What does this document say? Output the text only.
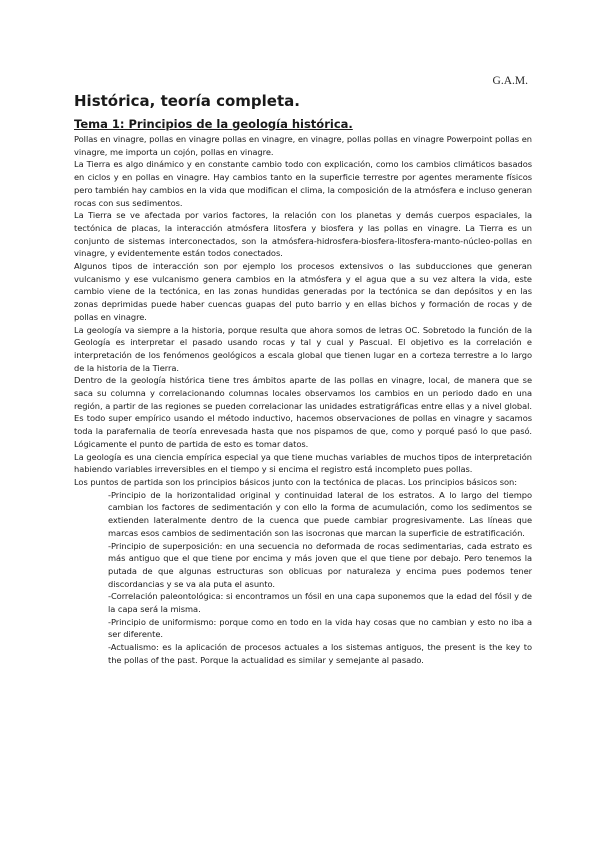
G.A.M.
Histórica, teoría completa.
Tema 1: Principios de la geología histórica.

Pollas en vinagre, pollas en vinagre pollas en vinagre, en vinagre, pollas pollas en vinagre Powerpoint pollas en vinagre, me importa un cojón, pollas en vinagre.

La Tierra es algo dinámico y en constante cambio todo con explicación, como los cambios climáticos basados en ciclos y en pollas en vinagre. Hay cambios tanto en la superficie terrestre por agentes meramente físicos pero también hay cambios en la vida que modifican el clima, la composición de la atmósfera e incluso generan rocas con sus sedimentos.

La Tierra se ve afectada por varios factores, la relación con los planetas y demás cuerpos espaciales, la tectónica de placas, la interacción atmósfera litosfera y biosfera y las pollas en vinagre. La Tierra es un conjunto de sistemas interconectados, son la atmósfera-hidrosfera-biosfera-litosfera-manto-núcleo-pollas en vinagre, y evidentemente están todos conectados.

Algunos tipos de interacción son por ejemplo los procesos extensivos o las subducciones que generan vulcanismo y ese vulcanismo genera cambios en la atmósfera y el agua que a su vez altera la vida, este cambio viene de la tectónica, en las zonas hundidas generadas por la tectónica se dan depósitos y en las zonas deprimidas puede haber cuencas guapas del puto barrio y en ellas bichos y formación de rocas y de pollas en vinagre.

La geología va siempre a la historia, porque resulta que ahora somos de letras OC. Sobretodo la función de la Geología es interpretar el pasado usando rocas y tal y cual y Pascual. El objetivo es la correlación e interpretación de los fenómenos geológicos a escala global que tienen lugar en a corteza terrestre a lo largo de la historia de la Tierra.

Dentro de la geología histórica tiene tres ámbitos aparte de las pollas en vinagre, local, de manera que se saca su columna y correlacionando columnas locales observamos los cambios en un periodo dado en una región, a partir de las regiones se pueden correlacionar las unidades estratigráficas entre ellas y a nivel global. Es todo super empírico usando el método inductivo, hacemos observaciones de pollas en vinagre y sacamos toda la parafernalia de teoría enrevesada hasta que nos pispamos de que, como y porqué pasó lo que pasó. Lógicamente el punto de partida de esto es tomar datos.

La geología es una ciencia empírica especial ya que tiene muchas variables de muchos tipos de interpretación habiendo variables irreversibles en el tiempo y si encima el registro está incompleto pues pollas.

Los puntos de partida son los principios básicos junto con la tectónica de placas. Los principios básicos son:

-Principio de la horizontalidad original y continuidad lateral de los estratos. A lo largo del tiempo cambian los factores de sedimentación y con ello la forma de acumulación, como los sedimentos se extienden lateralmente dentro de la cuenca que puede cambiar progresivamente. Las líneas que marcas esos cambios de sedimentación son las isocronas que marcan la superficie de estratificación.
-Principio de superposición: en una secuencia no deformada de rocas sedimentarias, cada estrato es más antiguo que el que tiene por encima y más joven que el que tiene por debajo. Pero tenemos la putada de que algunas estructuras son oblicuas por naturaleza y encima pues podemos tener discordancias y se va ala puta el asunto.
-Correlación paleontológica: si encontramos un fósil en una capa suponemos que la edad del fósil y de la capa será la misma.
-Principio de uniformismo: porque como en todo en la vida hay cosas que no cambian y esto no iba a ser diferente.
-Actualismo: es la aplicación de procesos actuales a los sistemas antiguos, the present is the key to the pollas of the past. Porque la actualidad es similar y semejante al pasado.
